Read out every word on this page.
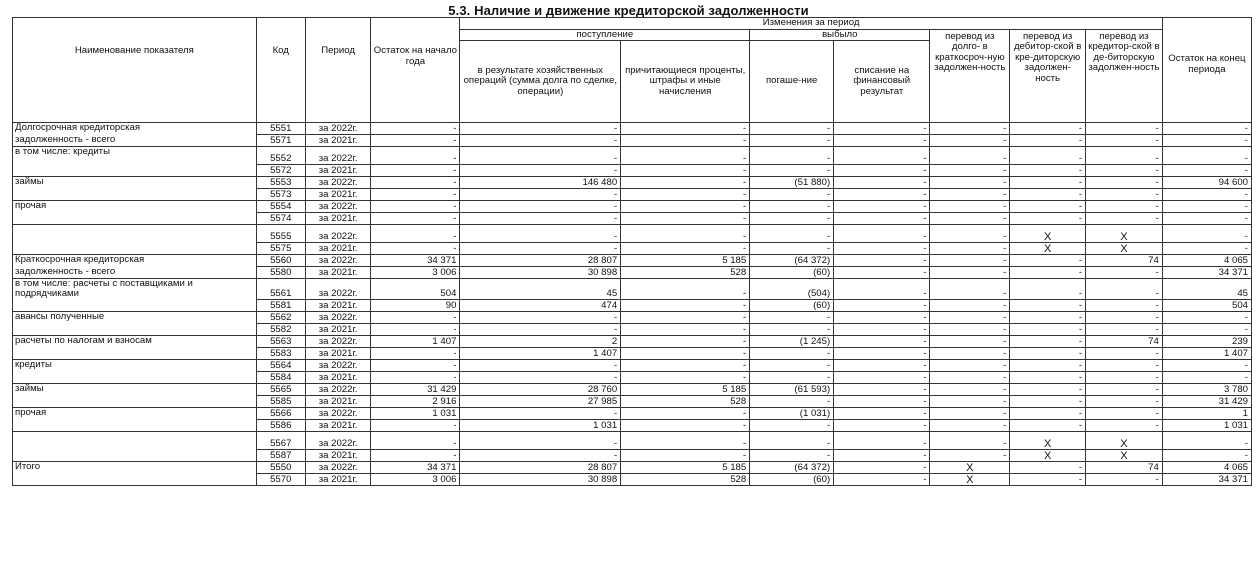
5.3. Наличие и движение кредиторской задолженности
Наименование показателя	Код	Период	Остаток на начало года	Изменения за период							Остаток на конец периода
				поступление		выбыло		перевод из долго- в краткосроч-ную задолжен-ность	перевод из дебитор-ской в кре-диторскую задолжен-ность	перевод из кредитор-ской в де-биторскую задолжен-ность	
				в результате хозяйственных операций (сумма долга по сделке, операции)	причитающиеся проценты, штрафы и иные начисления	погаше-ние	списание на финансовый результат				

Долгосрочная кредиторская	5551	за 2022г.	-	-	-	-	-	-	-	-	-
задолженность - всего	5571	за 2021г.	-	-	-	-	-	-	-	-	-
в том числе: кредиты	5552	за 2022г.	-	-	-	-	-	-	-	-	-
	5572	за 2021г.	-	-	-	-	-	-	-	-	-
займы	5553	за 2022г.	-	146 480	-	(51 880)	-	-	-	-	94 600
	5573	за 2021г.	-	-	-	-	-	-	-	-	-
прочая	5554	за 2022г.	-	-	-	-	-	-	-	-	-
	5574	за 2021г.	-	-	-	-	-	-	-	-	-
	5555	за 2022г.	-	-	-	-	-	-	X	X	-
	5575	за 2021г.	-	-	-	-	-	-	X	X	-
Краткосрочная кредиторская	5560	за 2022г.	34 371	28 807	5 185	(64 372)	-	-	-	74	4 065
задолженность - всего	5580	за 2021г.	3 006	30 898	528	(60)	-	-	-	-	34 371
в том числе: расчеты с поставщиками и подрядчиками	5561	за 2022г.	504	45	-	(504)	-	-	-	-	45
	5581	за 2021г.	90	474	-	(60)	-	-	-	-	504
авансы полученные	5562	за 2022г.	-	-	-	-	-	-	-	-	-
	5582	за 2021г.	-	-	-	-	-	-	-	-	-
расчеты по налогам и взносам	5563	за 2022г.	1 407	2	-	(1 245)	-	-	-	74	239
	5583	за 2021г.	-	1 407	-	-	-	-	-	-	1 407
кредиты	5564	за 2022г.	-	-	-	-	-	-	-	-	-
	5584	за 2021г.	-	-	-	-	-	-	-	-	-
займы	5565	за 2022г.	31 429	28 760	5 185	(61 593)	-	-	-	-	3 780
	5585	за 2021г.	2 916	27 985	528	-	-	-	-	-	31 429
прочая	5566	за 2022г.	1 031	-	-	(1 031)	-	-	-	-	1
	5586	за 2021г.	-	1 031	-	-	-	-	-	-	1 031
	5567	за 2022г.	-	-	-	-	-	-	X	X	-
	5587	за 2021г.	-	-	-	-	-	-	X	X	-
Итого	5550	за 2022г.	34 371	28 807	5 185	(64 372)	-	X	-	74	4 065
	5570	за 2021г.	3 006	30 898	528	(60)	-	X	-	-	34 371
